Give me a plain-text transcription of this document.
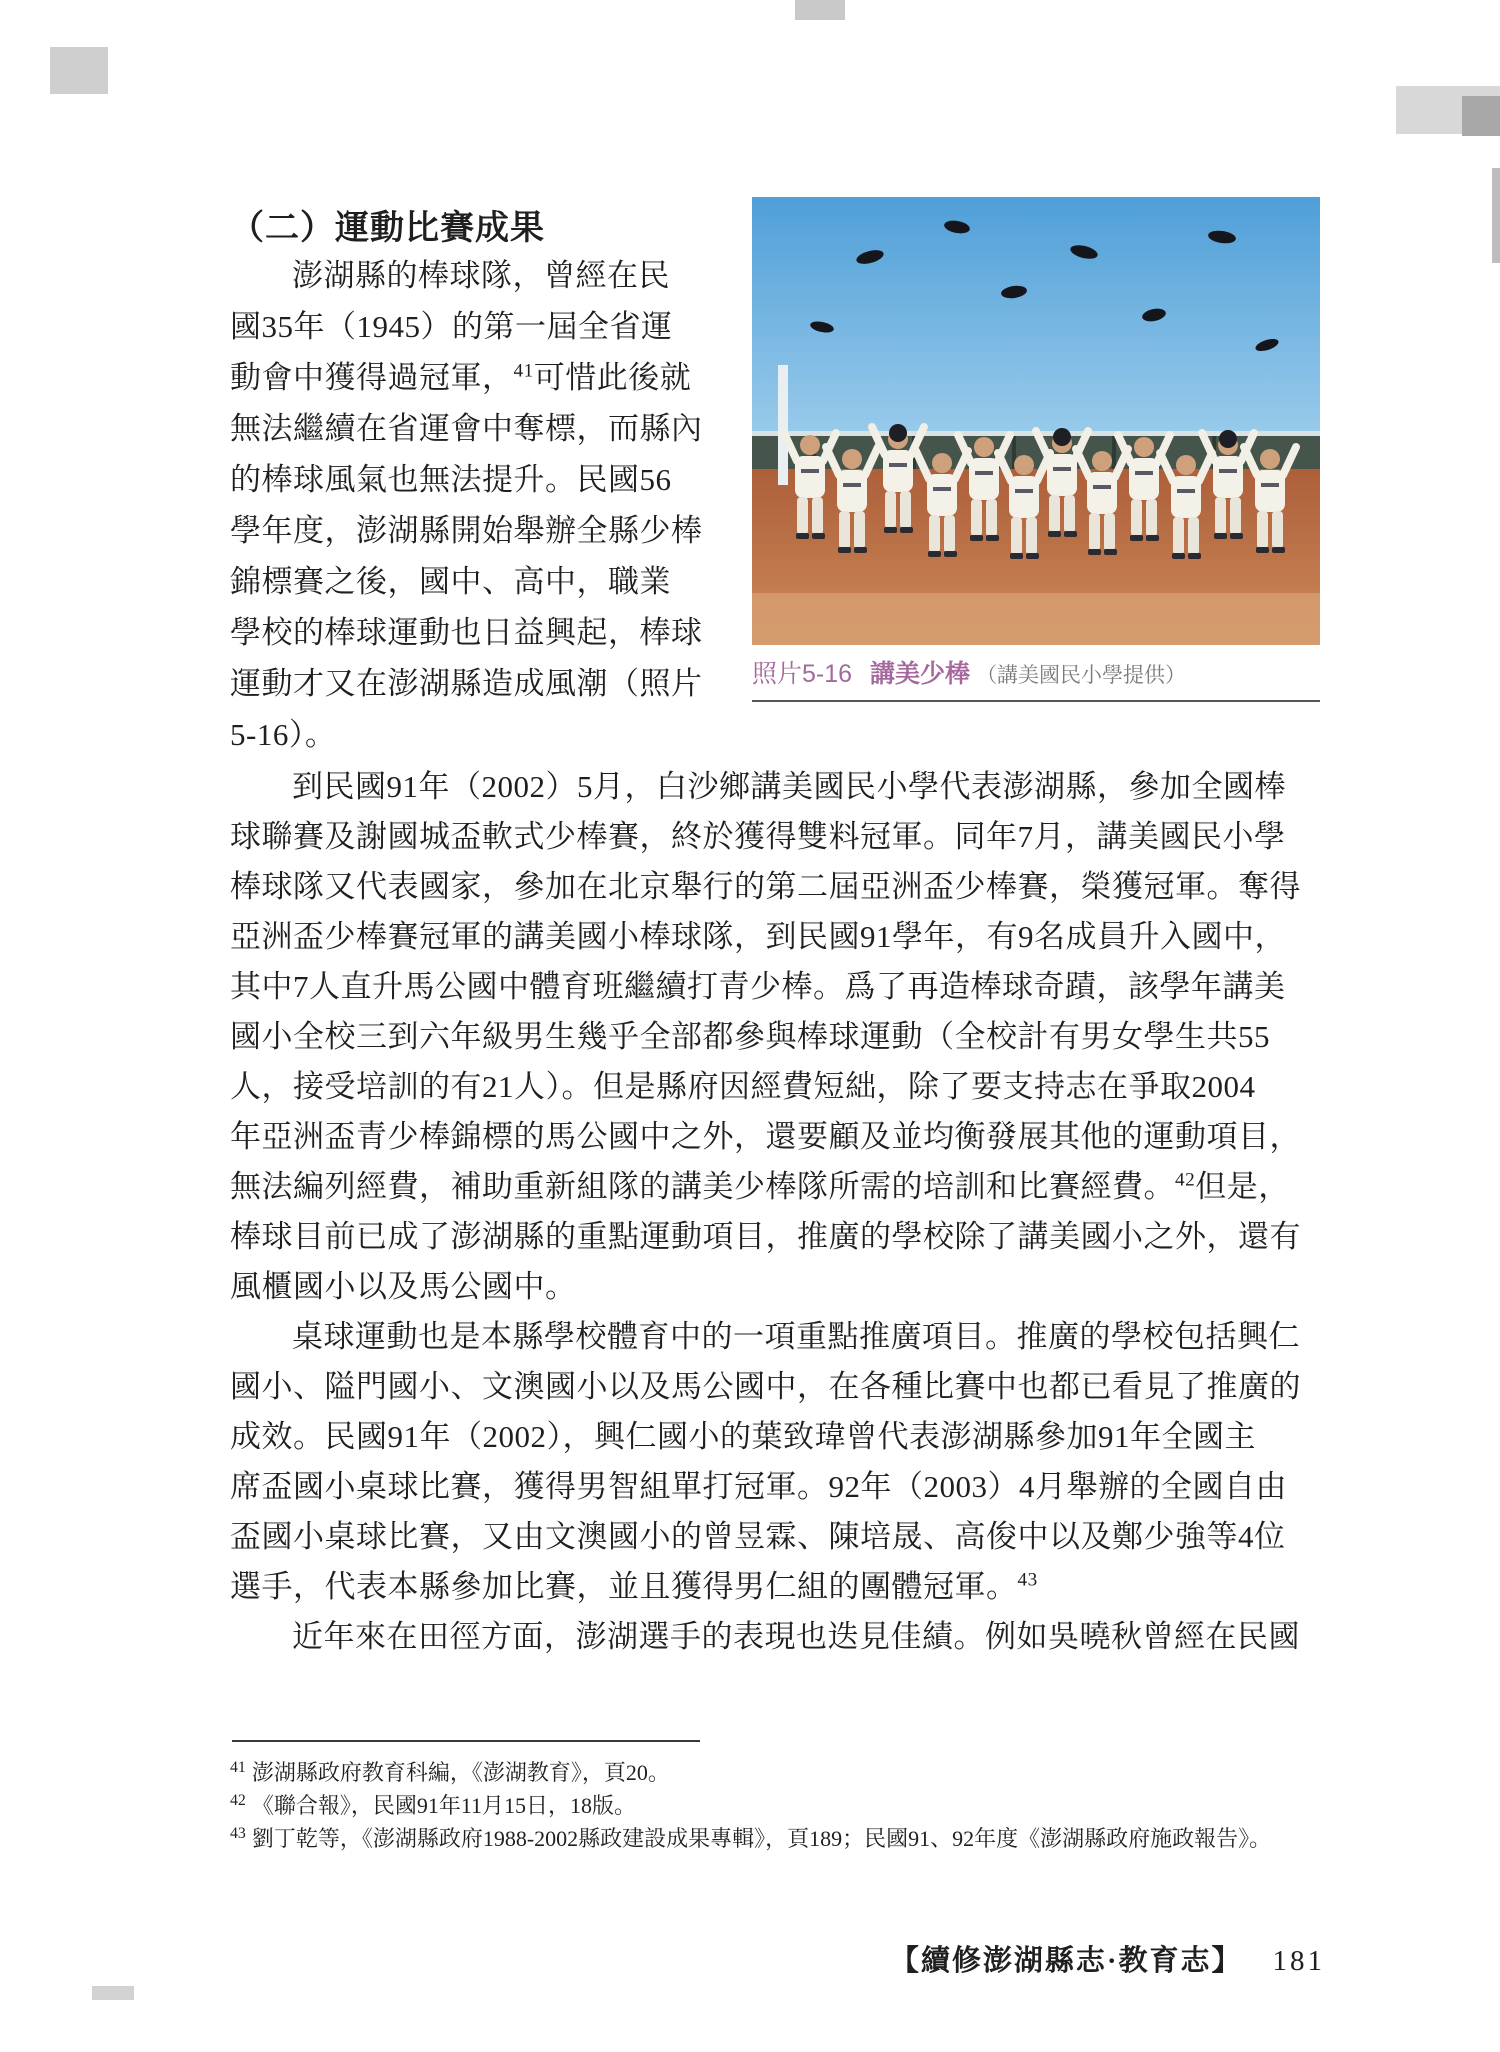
（二）運動比賽成果
澎湖縣的棒球隊，曾經在民
國35年（1945）的第一屆全省運
動會中獲得過冠軍，$^{41}$可惜此後就
無法繼續在省運會中奪標，而縣內
的棒球風氣也無法提升。民國56
學年度，澎湖縣開始舉辦全縣少棒
錦標賽之後，國中、高中，職業
學校的棒球運動也日益興起，棒球
運動才又在澎湖縣造成風潮（照片
5-16）。
照片5-16 講美少棒 （講美國民小學提供）
到民國91年（2002）5月，白沙鄉講美國民小學代表澎湖縣，參加全國棒
球聯賽及謝國城盃軟式少棒賽，終於獲得雙料冠軍。同年7月，講美國民小學
棒球隊又代表國家，參加在北京舉行的第二屆亞洲盃少棒賽，榮獲冠軍。奪得
亞洲盃少棒賽冠軍的講美國小棒球隊，到民國91學年，有9名成員升入國中，
其中7人直升馬公國中體育班繼續打青少棒。爲了再造棒球奇蹟，該學年講美
國小全校三到六年級男生幾乎全部都參與棒球運動（全校計有男女學生共55
人，接受培訓的有21人）。但是縣府因經費短絀，除了要支持志在爭取2004
年亞洲盃青少棒錦標的馬公國中之外，還要顧及並均衡發展其他的運動項目，
無法編列經費，補助重新組隊的講美少棒隊所需的培訓和比賽經費。$^{42}$但是，
棒球目前已成了澎湖縣的重點運動項目，推廣的學校除了講美國小之外，還有
風櫃國小以及馬公國中。
桌球運動也是本縣學校體育中的一項重點推廣項目。推廣的學校包括興仁
國小、隘門國小、文澳國小以及馬公國中，在各種比賽中也都已看見了推廣的
成效。民國91年（2002），興仁國小的葉致瑋曾代表澎湖縣參加91年全國主
席盃國小桌球比賽，獲得男智組單打冠軍。92年（2003）4月舉辦的全國自由
盃國小桌球比賽，又由文澳國小的曾昱霖、陳培晟、高俊中以及鄭少強等4位
選手，代表本縣參加比賽，並且獲得男仁組的團體冠軍。$^{43}$
近年來在田徑方面，澎湖選手的表現也迭見佳績。例如吳曉秋曾經在民國
$^{41}$ 澎湖縣政府教育科編，《澎湖教育》，頁20。
$^{42}$ 《聯合報》，民國91年11月15日，18版。
$^{43}$ 劉丁乾等，《澎湖縣政府1988-2002縣政建設成果專輯》，頁189；民國91、92年度《澎湖縣政府施政報告》。
【續修澎湖縣志·教育志】 181
